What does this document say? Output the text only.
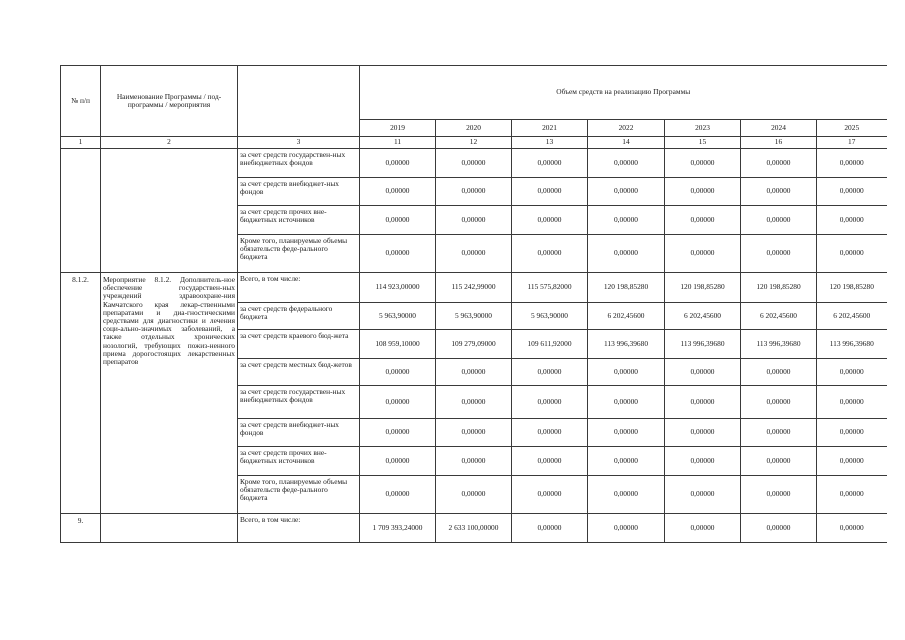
№ п/п	Наименование Программы / под-программы / мероприятия		Объем средств на реализацию Программы						
			2019	2020	2021	2022	2023	2024	2025
1	2	3	11	12	13	14	15	16	17
		за счет средств государствен-ных внебюджетных фондов	0,00000	0,00000	0,00000	0,00000	0,00000	0,00000	0,00000
		за счет средств внебюджет-ных фондов	0,00000	0,00000	0,00000	0,00000	0,00000	0,00000	0,00000
		за счет средств прочих вне-бюджетных источников	0,00000	0,00000	0,00000	0,00000	0,00000	0,00000	0,00000
		Кроме того, планируемые объемы обязательств феде-рального бюджета	0,00000	0,00000	0,00000	0,00000	0,00000	0,00000	0,00000
8.1.2.	Мероприятие 8.1.2. Дополнитель-ное обеспечение государствен-ных учреждений здравоохране-ния Камчатского края лекар-ственными препаратами и диа-гностическими средствами для диагностики и лечения соци-ально-значимых заболеваний, а также отдельных хронических нозологий, требующих пожиз-ненного приема дорогостоящих лекарственных препаратов	Всего, в том числе:	114 923,00000	115 242,99000	115 575,82000	120 198,85280	120 198,85280	120 198,85280	120 198,85280
		за счет средств федерального бюджета	5 963,90000	5 963,90000	5 963,90000	6 202,45600	6 202,45600	6 202,45600	6 202,45600
		за счет средств краевого бюд-жета	108 959,10000	109 279,09000	109 611,92000	113 996,39680	113 996,39680	113 996,39680	113 996,39680
		за счет средств местных бюд-жетов	0,00000	0,00000	0,00000	0,00000	0,00000	0,00000	0,00000
		за счет средств государствен-ных внебюджетных фондов	0,00000	0,00000	0,00000	0,00000	0,00000	0,00000	0,00000
		за счет средств внебюджет-ных фондов	0,00000	0,00000	0,00000	0,00000	0,00000	0,00000	0,00000
		за счет средств прочих вне-бюджетных источников	0,00000	0,00000	0,00000	0,00000	0,00000	0,00000	0,00000
		Кроме того, планируемые объемы обязательств феде-рального бюджета	0,00000	0,00000	0,00000	0,00000	0,00000	0,00000	0,00000
9.		Всего, в том числе:	1 709 393,24000	2 633 100,00000	0,00000	0,00000	0,00000	0,00000	0,00000
